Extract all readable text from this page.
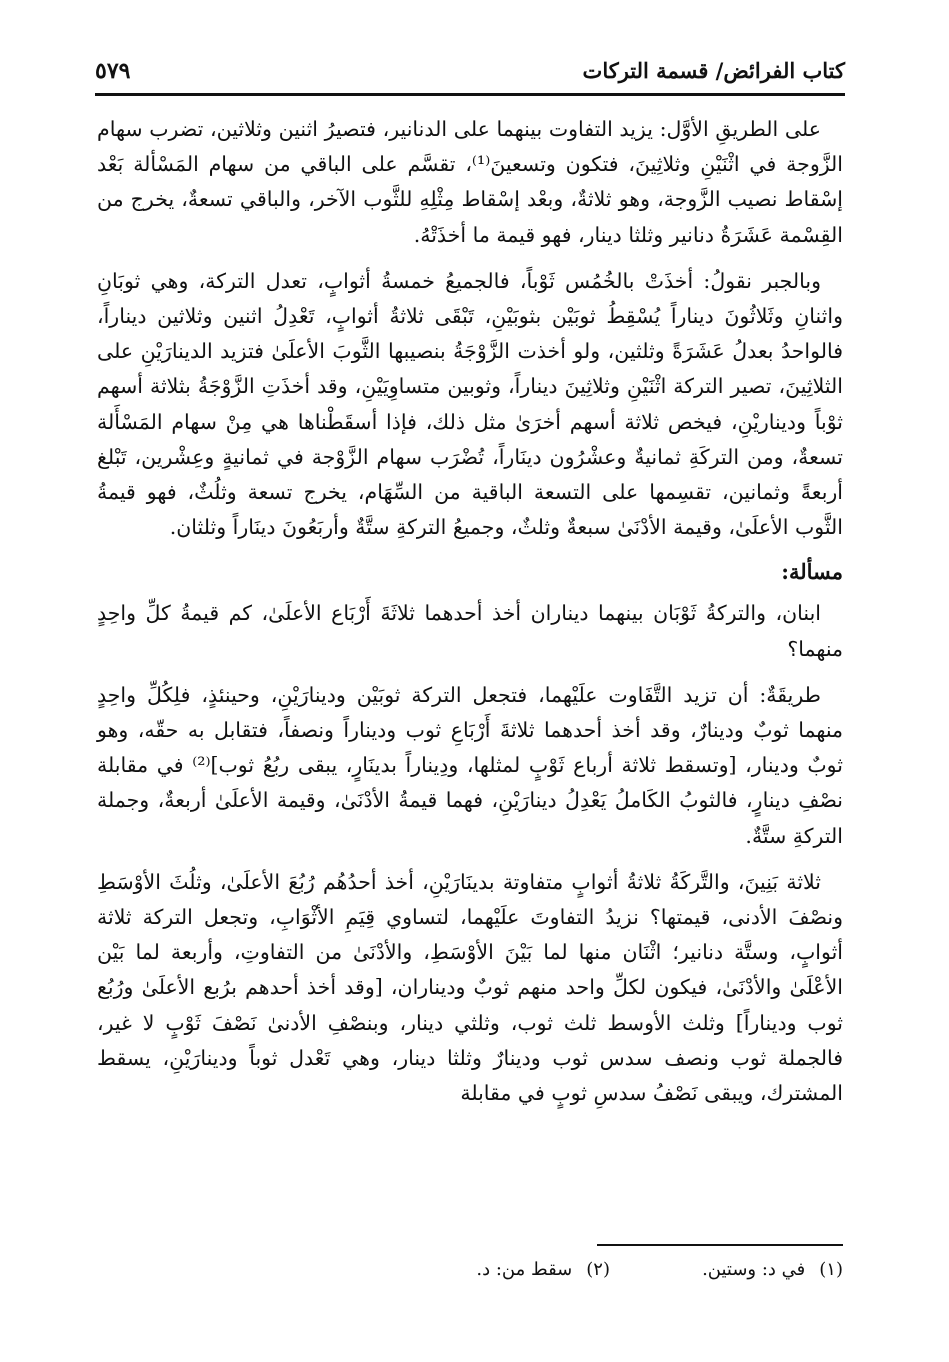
كتاب الفرائض/ قسمة التركات
٥٧٩

على الطريقِ الأوَّل: يزيد التفاوت بينهما على الدنانير، فتصيرُ اثنين وثلاثين، تضرب سهام الزَّوجة في اثْنَيْنِ وثلاثِينَ، فتكون وتسعينَ⁽¹⁾، تقسَّم على الباقي من سهام المَسْألة بَعْد إسْقاط نصيب الزَّوجة، وهو ثلاثةٌ، وبعْد إسْقاط مِثْلِهِ للثَّوب الآخر، والباقي تسعةٌ، يخرج من القِسْمة عَشَرَةُ دنانير وثلثا دينار، فهو قيمة ما أخذَتْهُ.

وبالجبر نقولُ: أخذَتْ بالخُمُس ثَوْباً، فالجميعُ خمسةُ أثوابٍ، تعدل التركة، وهي ثوبَانِ واثنانِ وثَلاثُونَ ديناراً يُسْقِطُ ثوبَيْن بثوبَيْنِ، تَبْقَى ثلاثةُ أثوابٍ، تَعْدِلُ اثنين وثلاثين ديناراً، فالواحدُ بعدلُ عَشَرَةً وثلثين، ولو أخذت الزَّوْجَةُ بنصيبها الثَّوبَ الأعلَىٰ فتزيد الدينارَيْنِ على الثلاثِينَ، تصير التركة اثْنَيْنِ وثلاثِينَ ديناراً، وثوبين متساوِيَيْنِ، وقد أخذَتِ الزَّوْجَةُ بثلاثة أسهم ثوْباً وديناريْنِ، فيخص ثلاثة أسهم أخرَىٰ مثل ذلك، فإذا أسقَطْناها هي مِنْ سهام المَسْأَلة تسعةٌ، ومن التركَةِ ثمانيةٌ وعشْرُون دينَاراً، تُضْرَب سهام الزَّوْجة في ثمانيةٍ وعِشْرين، تَبْلغ أربعةً وثمانين، تقسِمها على التسعة الباقية من السِّهَام، يخرج تسعة وثلُثٌ، فهو قيمةُ الثَّوب الأعلَىٰ، وقيمة الأدْنَىٰ سبعةٌ وثلثٌ، وجميعُ التركةِ ستَّةٌ وأربَعُونَ دينَاراً وثلثان.

مسألة:

ابنان، والتركةُ ثَوْبَان بينهما ديناران أخذ أحدهما ثلاثَةَ أَرْبَاع الأعلَىٰ، كم قيمةُ كلِّ واحِدٍ منهما؟

طريقَةٌ: أن تزيد التَّفَاوت علَيْهما، فتجعل التركة ثوبَيْن ودينارَيْنِ، وحينئذٍ، فلِكُلِّ واحِدٍ منهما ثوبٌ ودينارٌ، وقد أخذ أحدهما ثلاثةَ أَرْبَاعِ ثوب وديناراً ونصفاً، فتقابل به حقّه، وهو ثوبٌ ودينار، [وتسقط ثلاثة أرباع ثَوْبٍ لمثلها، ودِيناراً بدينَارٍ، يبقى ربُعُ ثوب]⁽²⁾ في مقابلة نصْفِ دينارٍ، فالثوبُ الكَاملُ يَعْدِلُ دينارَيْنِ، فهما قيمةُ الأدْنَىٰ، وقيمة الأعلَىٰ أربعةٌ، وجملة التركةِ ستَّةٌ.

ثلاثة بَنِينَ، والتَّركَةُ ثلاثةُ أثوابٍ متفاوتة بدينَارَيْنِ، أخذ أحدُهُم رُبُعَ الأعلَىٰ، وثلُثَ الأوْسَطِ ونصْفَ الأدنى، قيمتها؟ نزيدُ التفاوتَ علَيْهما، لتساوي قِيَمِ الأثْوَابِ، وتجعل التركة ثلاثة أثوابٍ، وستَّة دنانير؛ اثْنَان منها لما بَيْنَ الأوْسَطِ، والأدْنَىٰ من التفاوتِ، وأربعة لما بَيْن الأعْلَىٰ والأدْنَىٰ، فيكون لكلِّ واحد منهم ثوبٌ وديناران، [وقد أخذ أحدهم برُبع الأعلَىٰ ورُبُع ثوب وديناراً] وثلث الأوسط ثلث ثوب، وثلثي دينار، وبنصْفِ الأدنىٰ نَصْفَ ثَوْبٍ لا غير، فالجملة ثوب ونصف سدس ثوب ودينارٌ وثلثا دينار، وهي تَعْدل ثوباً ودينارَيْنِ، يسقط المشترك، ويبقى نَصْفُ سدسِ ثوبٍ في مقابلة

(١)في د: وستين.
(٢)سقط من: د.
